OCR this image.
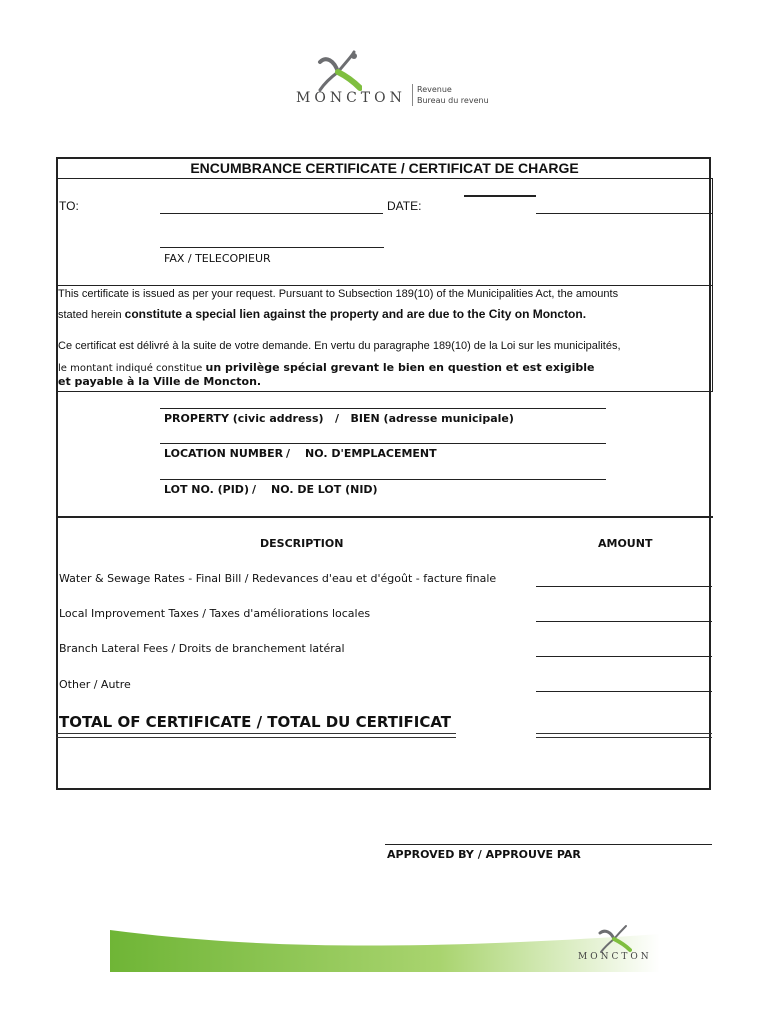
MONCTON
Revenue
Bureau du revenu
ENCUMBRANCE CERTIFICATE / CERTIFICAT DE CHARGE
TO:	DATE:
FAX / TELECOPIEUR
This certificate is issued as per your request. Pursuant to Subsection 189(10) of the Municipalities Act, the amounts
stated herein constitute a special lien against the property and are due to the City on Moncton.
Ce certificat est délivré à la suite de votre demande. En vertu du paragraphe 189(10) de la Loi sur les municipalités,
le montant indiqué constitue un privilège spécial grevant le bien en question et est exigible
et payable à la Ville de Moncton.
PROPERTY (civic address)   /   BIEN (adresse municipale)
LOCATION NUMBER / NO. D'EMPLACEMENT
LOT NO. (PID) / NO. DE LOT (NID)
DESCRIPTION	AMOUNT
Water & Sewage Rates - Final Bill / Redevances d'eau et d'égoût - facture finale
Local Improvement Taxes / Taxes d'améliorations locales
Branch Lateral Fees / Droits de branchement latéral
Other / Autre
TOTAL OF CERTIFICATE / TOTAL DU CERTIFICAT
APPROVED BY / APPROUVE PAR
MONCTON
